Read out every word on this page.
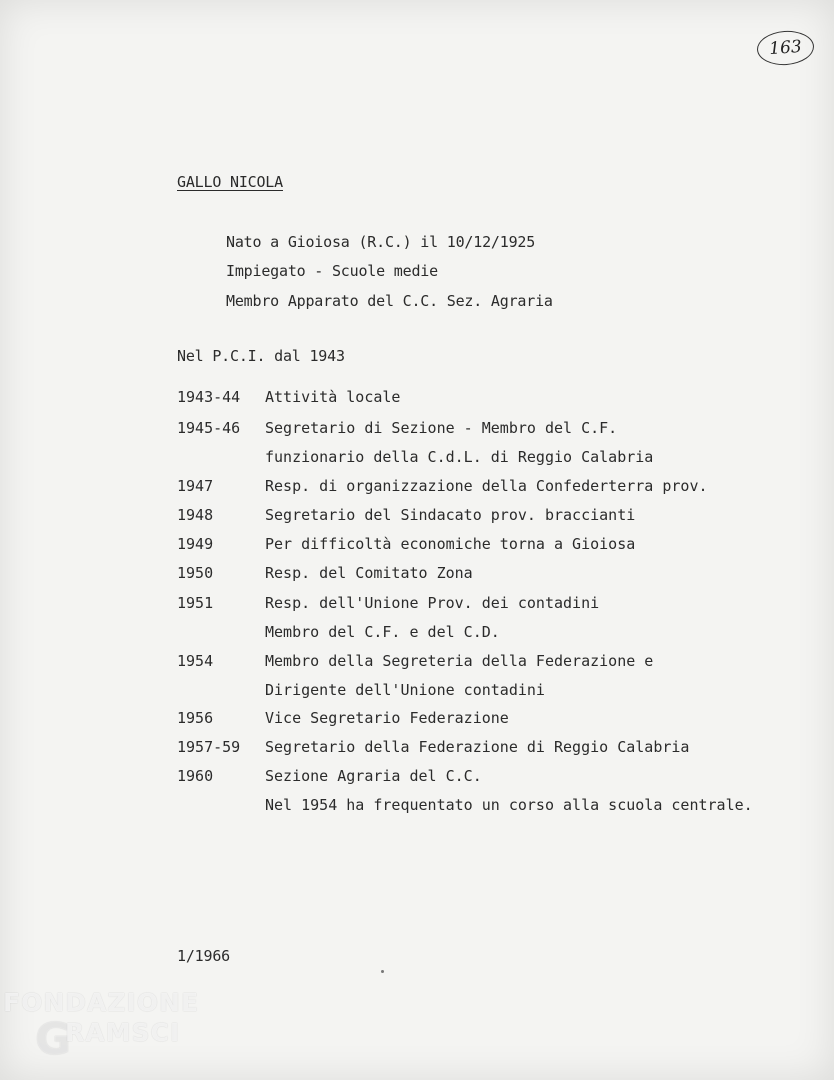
163
GALLO NICOLA
Nato a Gioiosa (R.C.) il 10/12/1925
Impiegato - Scuole medie
Membro Apparato del C.C. Sez. Agraria
Nel P.C.I. dal 1943
1943-44 Attività locale
1945-46 Segretario di Sezione - Membro del C.F.
funzionario della C.d.L. di Reggio Calabria
1947	Resp. di organizzazione della Confederterra prov.
1948	Segretario del Sindacato prov. braccianti
1949	Per difficoltà economiche torna a Gioiosa
1950	Resp. del Comitato Zona
1951	Resp. dell'Unione Prov. dei contadini
Membro del C.F. e del C.D.
1954	Membro della Segreteria della Federazione e
Dirigente dell'Unione contadini
1956	Vice Segretario Federazione
1957-59 Segretario della Federazione di Reggio Calabria
1960	Sezione Agraria del C.C.
Nel 1954 ha frequentato un corso alla scuola centrale.
1/1966
FONDAZIONE
G
RAMSCI
